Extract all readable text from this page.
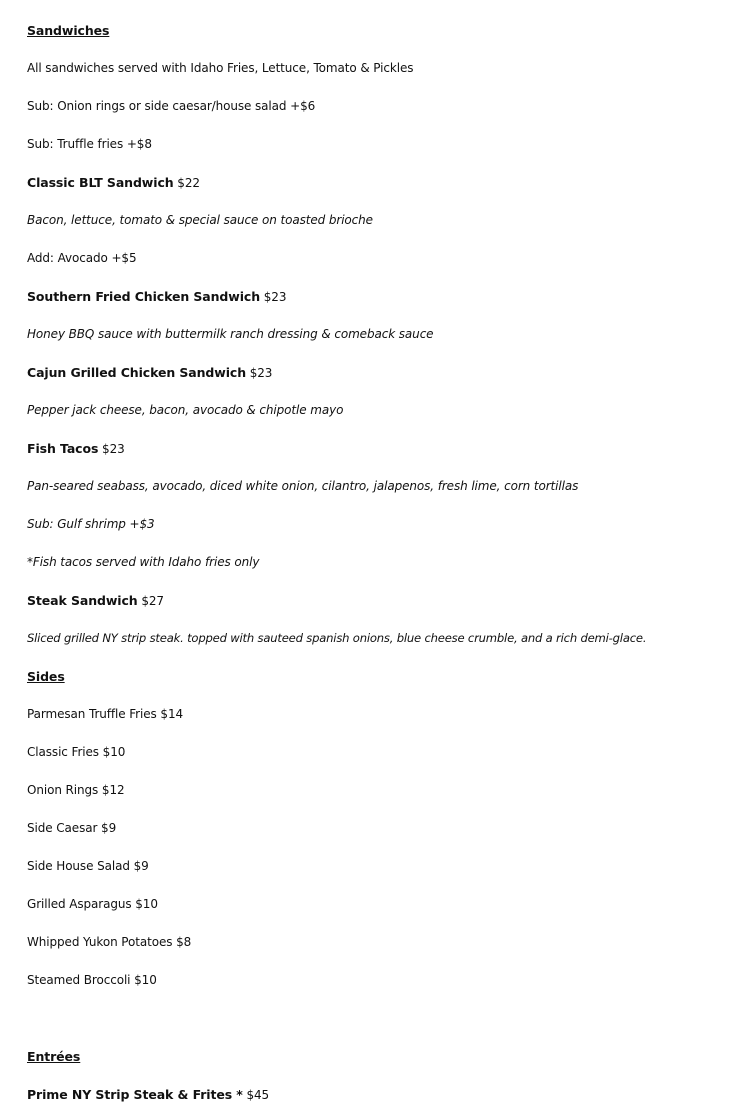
Sandwiches
All sandwiches served with Idaho Fries, Lettuce, Tomato & Pickles
Sub: Onion rings or side caesar/house salad +$6
Sub: Truffle fries +$8
Classic BLT Sandwich $22
Bacon, lettuce, tomato & special sauce on toasted brioche
Add: Avocado +$5
Southern Fried Chicken Sandwich $23
Honey BBQ sauce with buttermilk ranch dressing & comeback sauce
Cajun Grilled Chicken Sandwich $23
Pepper jack cheese, bacon, avocado & chipotle mayo
Fish Tacos $23
Pan-seared seabass, avocado, diced white onion, cilantro, jalapenos, fresh lime, corn tortillas
Sub: Gulf shrimp +$3
*Fish tacos served with Idaho fries only
Steak Sandwich $27
Sliced grilled NY strip steak. topped with sauteed spanish onions, blue cheese crumble, and a rich demi-glace.
Sides
Parmesan Truffle Fries $14
Classic Fries $10
Onion Rings $12
Side Caesar $9
Side House Salad $9
Grilled Asparagus $10
Whipped Yukon Potatoes $8
Steamed Broccoli $10
Entrées
Prime NY Strip Steak & Frites * $45
